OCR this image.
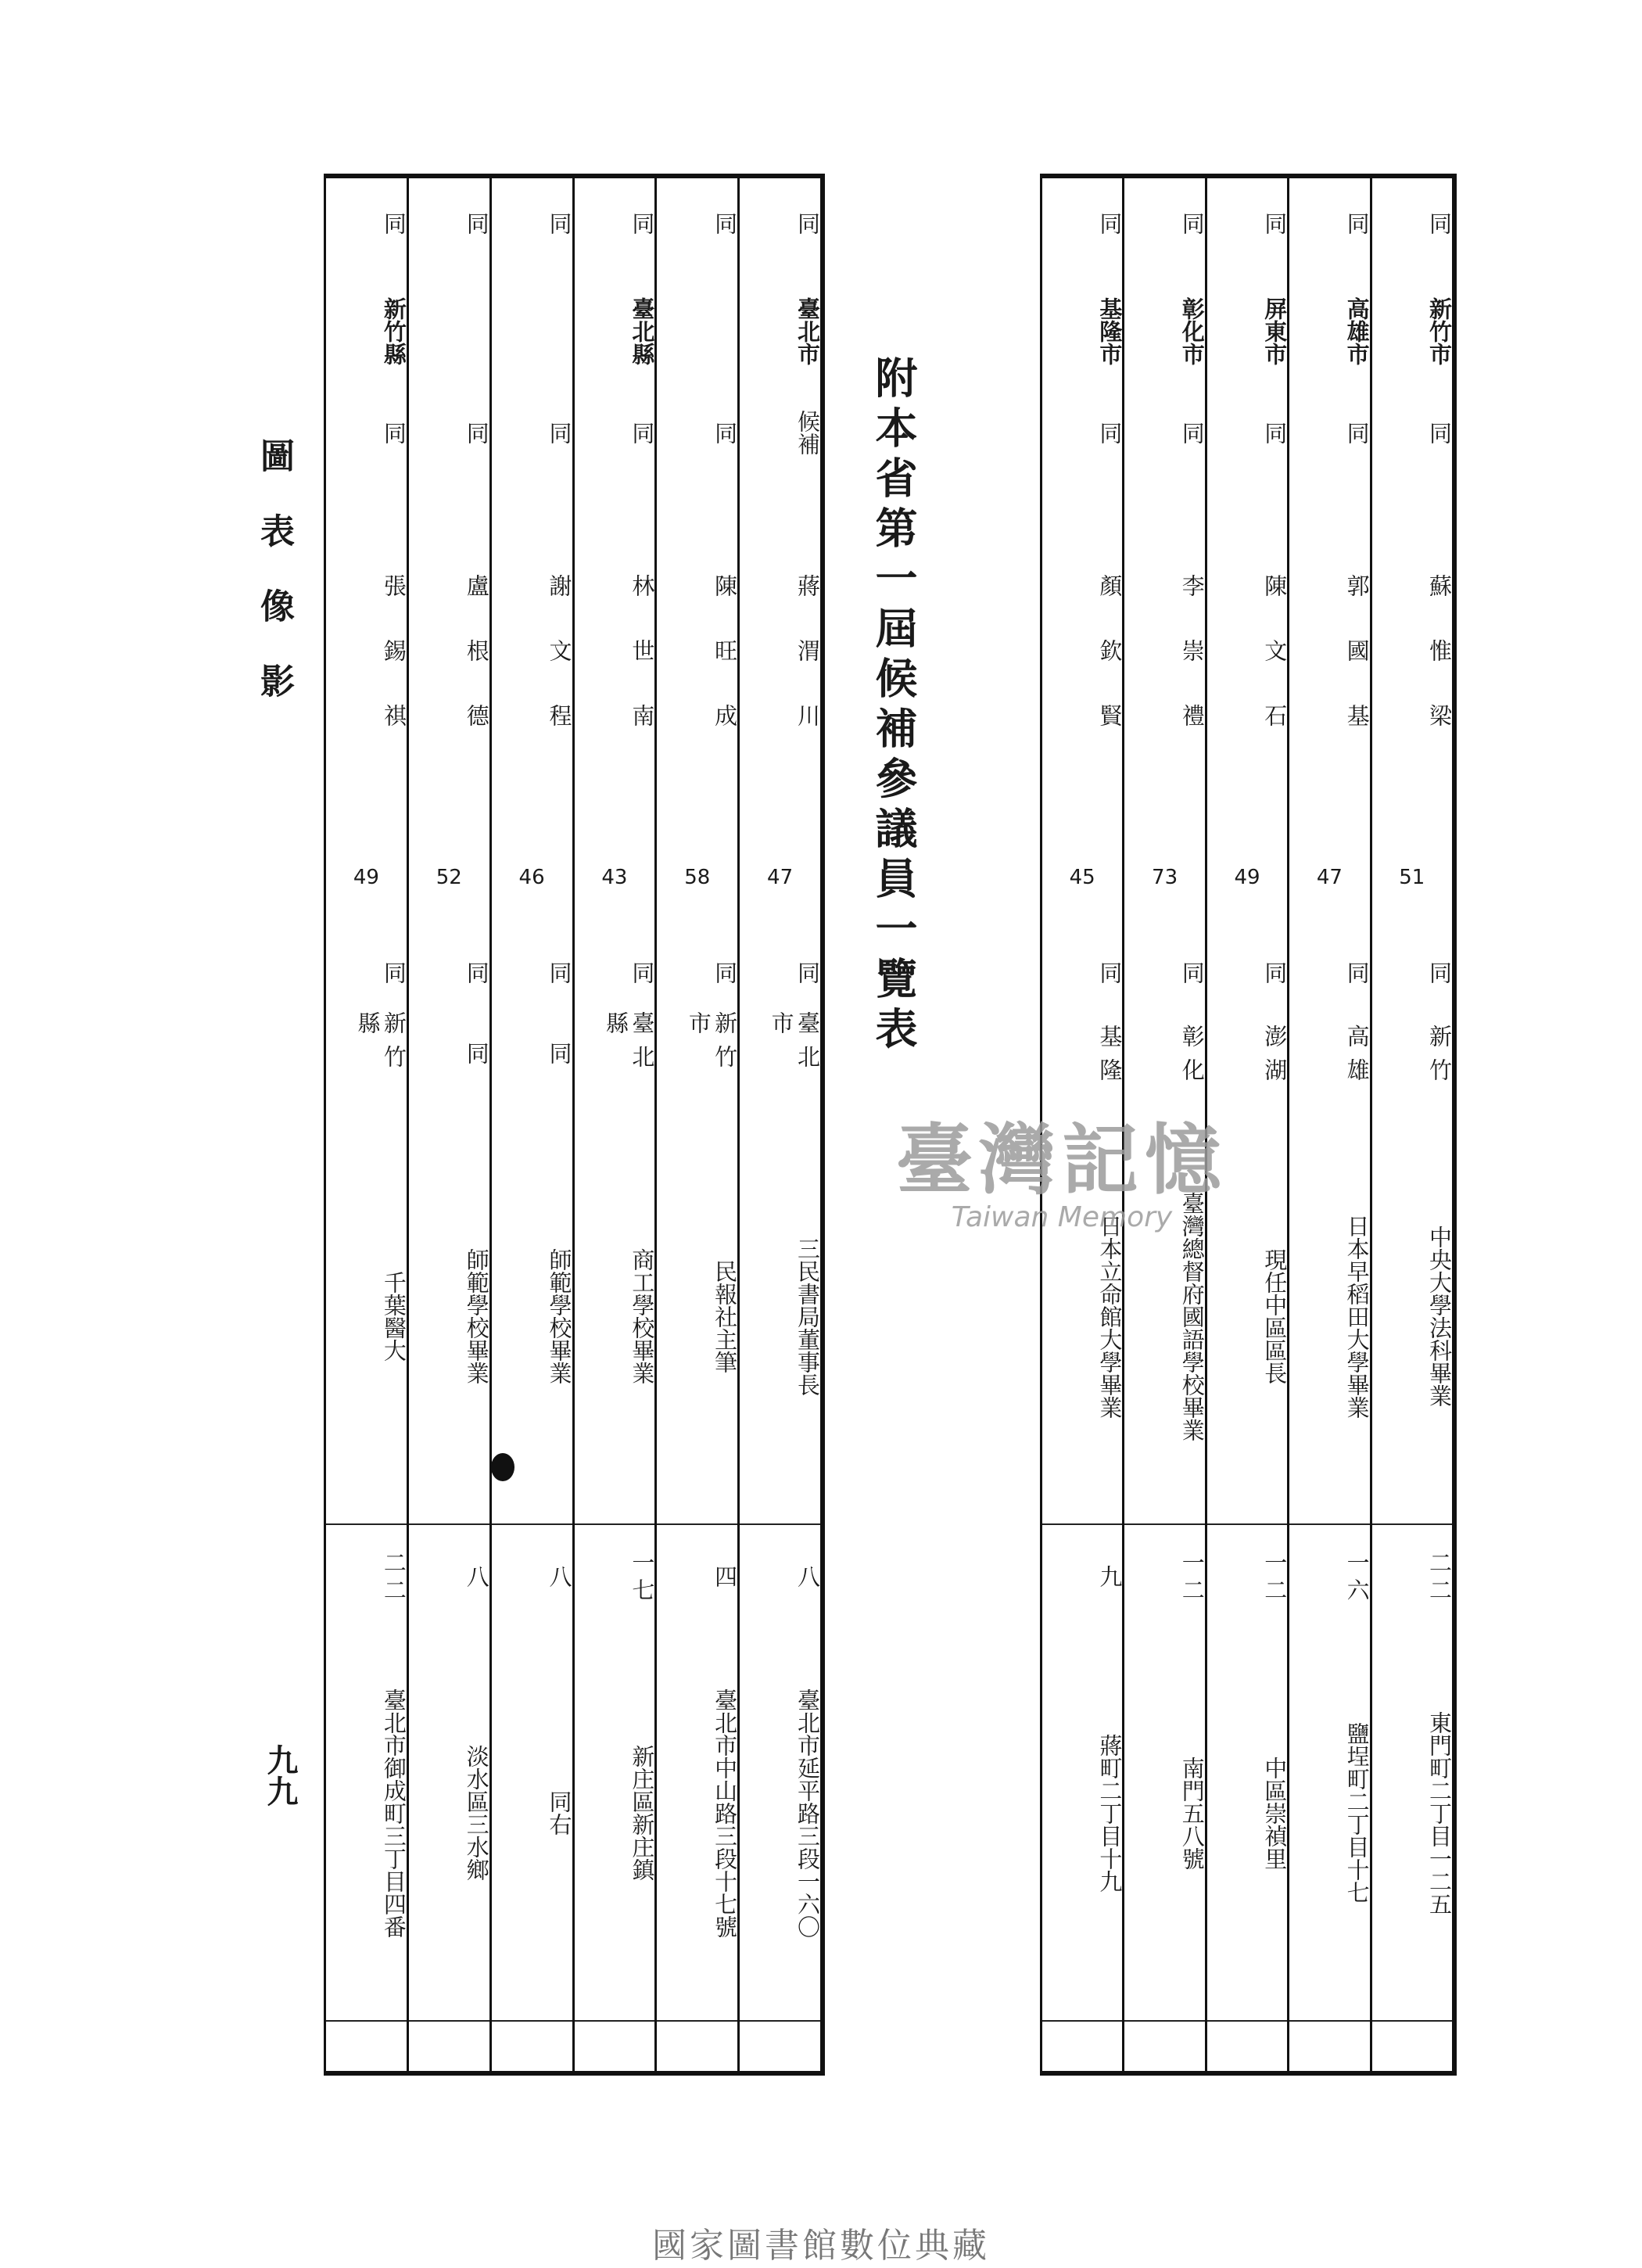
圖表像影
九九
同
臺北市
候補
蔣渭川
47
同
臺北市
三民書局董事長
八
臺北市延平路三段一六〇
同
同
陳旺成
58
同
新竹市
民報社主筆
四
臺北市中山路三段十七號
同
臺北縣
同
林世南
43
同
臺北縣
商工學校畢業
一七
新庄區新庄鎮
同
同
謝文程
46
同
同
師範學校畢業
八
同右
同
同
盧根德
52
同
同
師範學校畢業
八
淡水區三水鄉
同
新竹縣
同
張錫祺
49
同
新竹縣
千葉醫大
二二
臺北市御成町三丁目四番
附本省第一屆候補參議員一覽表
同
新竹市
同
蘇惟梁
51
同
新竹
中央大學法科畢業
二二
東門町二丁目一二五
同
高雄市
同
郭國基
47
同
高雄
日本早稻田大學畢業
一六
鹽埕町二丁目十七
同
屏東市
同
陳文石
49
同
澎湖
現任中區區長
一二
中區崇禎里
同
彰化市
同
李崇禮
73
同
彰化
臺灣總督府國語學校畢業
一二
南門五八號
同
基隆市
同
顏欽賢
45
同
基隆
日本立命館大學畢業
九
蔣町二丁目十九
臺灣記憶
Taiwan Memory
國家圖書館數位典藏
